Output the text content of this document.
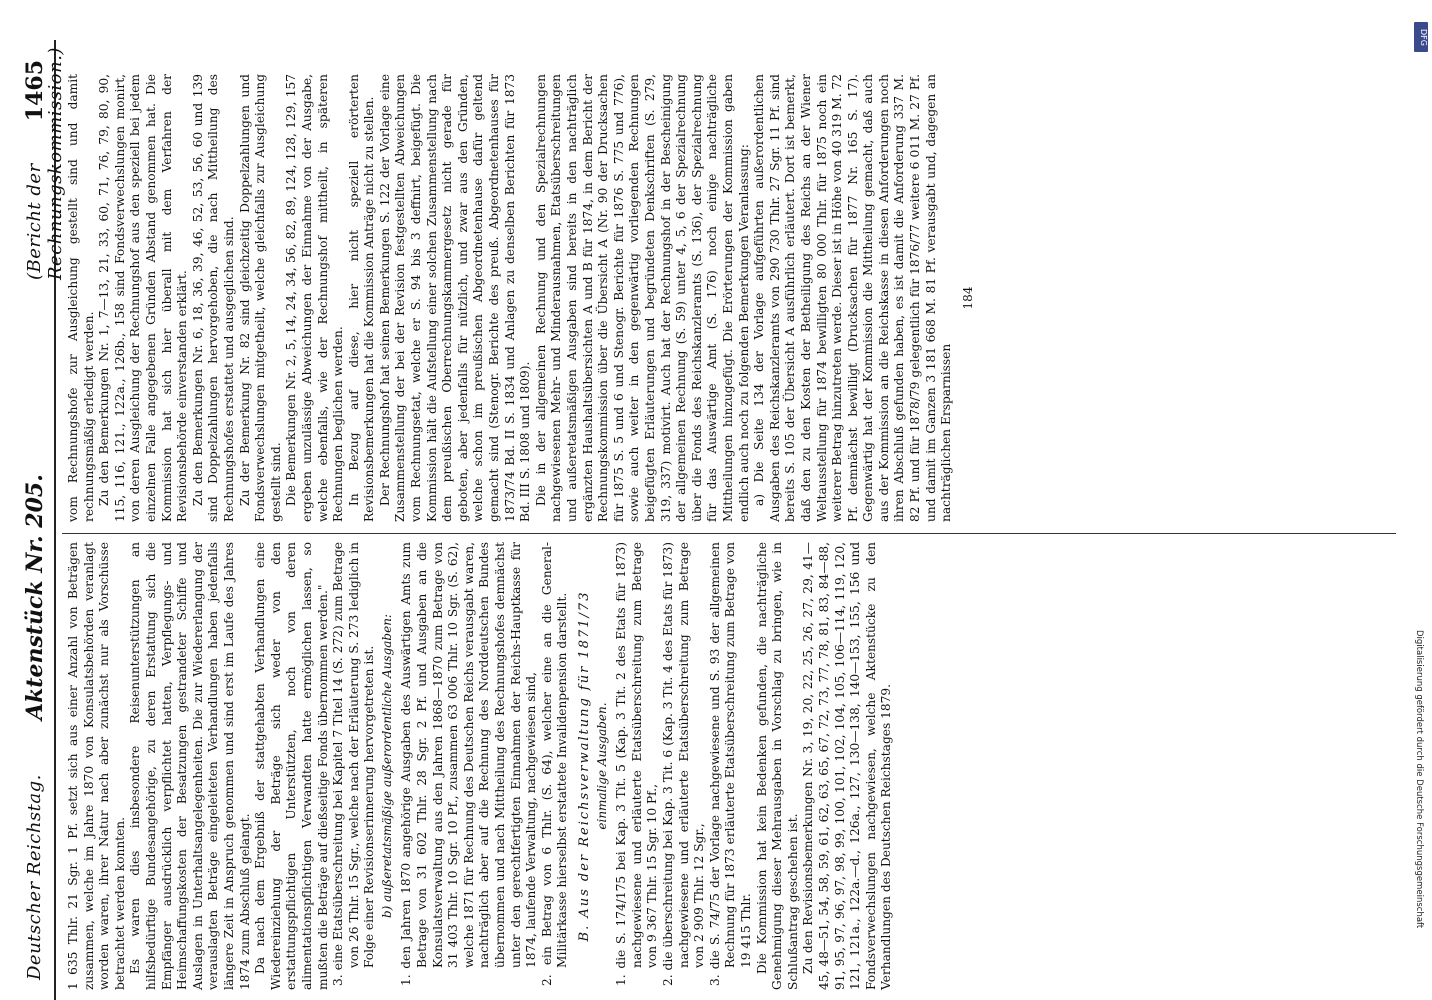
Deutscher Reichstag.
Aktenstück Nr. 205.
(Bericht der Rechnungskommission.)
1465

1 635 Thlr. 21 Sgr. 1 Pf. setzt sich aus einer Anzahl von Beträgen zusammen, welche im Jahre 1870 von Konsulatsbehörden veranlagt worden waren, ihrer Natur nach aber zunächst nur als Vorschüsse betrachtet werden konnten. Es waren dies insbesondere Reisenunterstützungen an hilfsbedürftige Bundesangehörige, zu deren Erstattung sich die Empfänger ausdrücklich verpflichtet hatten, Verpflegungs- und Heimschaffungskosten der Besatzungen gestrandeter Schiffe und Auslagen in Unterhaltsangelegenheiten. Die zur Wiedererlangung der verauslagten Beträge eingeleiteten Verhandlungen haben jedenfalls längere Zeit in Anspruch genommen und sind erst im Laufe des Jahres 1874 zum Abschluß gelangt. Da nach dem Ergebniß der stattgehabten Verhandlungen eine Wiedereinziehung der Beträge sich weder von den erstattungspflichtigen Unterstützten, noch von deren alimentationspflichtigen Verwandten hatte ermöglichen lassen, so mußten die Beträge auf dießseitige Fonds übernommen werden." 3. eine Etatsüberschreitung bei Kapitel 7 Titel 14 (S. 272) zum Betrage von 26 Thlr. 15 Sgr., welche nach der Erläuterung S. 273 lediglich in Folge einer Revisionserinnerung hervorgetreten ist. b) außeretatsmäßige außerordentliche Ausgaben:

1. den Jahren 1870 angehörige Ausgaben des Auswärtigen Amts zum Betrage von 31 602 Thlr. 28 Sgr. 2 Pf. und Ausgaben an die Konsulatsverwaltung aus den Jahren 1868—1870 zum Betrage von 31 403 Thlr. 10 Sgr. 10 Pf., zusammen 63 006 Thlr. 10 Sgr. (S. 62), welche 1871 für Rechnung des Deutschen Reichs verausgabt waren, nachträglich aber auf die Rechnung des Norddeutschen Bundes übernommen und nach Mittheilung des Rechnungshofes demnächst unter den gerechtfertigten Einnahmen der Reichs-Hauptkasse für 1874, laufende Verwaltung, nachgewiesen sind,

2. ein Betrag von 6 Thlr. (S. 64), welcher eine an die General-Militärkasse hierselbst erstattete Invalidenpension darstellt. B. Aus der Reichsverwaltung für 1871/73 einmalige Ausgaben.

1. die S. 174/175 bei Kap. 3 Tit. 5 (Kap. 3 Tit. 2 des Etats für 1873) nachgewiesene und erläuterte Etatsüberschreitung zum Betrage von 9 367 Thlr. 15 Sgr. 10 Pf.,

2. die überschreitung bei Kap. 3 Tit. 6 (Kap. 3 Tit. 4 des Etats für 1873) nachgewiesene und erläuterte Etatsüberschreitung zum Betrage von 2 909 Thlr. 12 Sgr.,

3. die S. 74/75 der Vorlage nachgewiesene und S. 93 der allgemeinen Rechnung für 1873 erläuterte Etatsüberschreitung zum Betrage von 19 415 Thlr. Die Kommission hat kein Bedenken gefunden, die nachträgliche Genehmigung dieser Mehrausgaben in Vorschlag zu bringen, wie in Schlußantrag geschehen ist. Zu den Revisionsbemerkungen Nr. 3, 19, 20, 22, 25, 26, 27, 29, 41—45, 48—51, 54, 58, 59, 61, 62, 63, 65, 67, 72, 73, 77, 78, 81, 83, 84—88, 91, 95, 97, 96, 97, 98, 99, 100, 101, 102, 104, 105, 106—114, 119, 120, 121, 121a., 122a.—d., 126a., 127, 130—138, 140—153, 155, 156 und Fondsverwechslungen nachgewiesen, welche Aktenstücke zu den Verhandlungen des Deutschen Reichstages 1879.

vom Rechnungshofe zur Ausgleichung gestellt sind und damit rechnungsmäßig erledigt werden. Zu den Bemerkungen Nr. 1, 7—13, 21, 33, 60, 71, 76, 79, 80, 90, 115, 116, 121., 122a., 126b., 158 sind Fondsverwechslungen monirt, von deren Ausgleichung der Rechnungshof aus den speziell bei jedem einzelnen Falle angegebenen Gründen Abstand genommen hat. Die Kommission hat sich hier überall mit dem Verfahren der Revisionsbehörde einverstanden erklärt. Zu den Bemerkungen Nr. 6, 18, 36, 39, 46, 52, 53, 56, 60 und 139 sind Doppelzahlungen hervorgehoben, die nach Mittheilung des Rechnungshofes erstattet und ausgeglichen sind. Zu der Bemerkung Nr. 82 sind gleichzeitig Doppelzahlungen und Fondsverwechslungen mitgetheilt, welche gleichfalls zur Ausgleichung gestellt sind. Die Bemerkungen Nr. 2, 5, 14, 24, 34, 56, 82, 89, 124, 128, 129, 157 ergeben unzulässige Abweichungen der Einnahme von der Ausgabe, welche ebenfalls, wie der Rechnungshof mittheilt, in späteren Rechnungen beglichen werden. In Bezug auf diese, hier nicht speziell erörterten Revisionsbemerkungen hat die Kommission Anträge nicht zu stellen. Der Rechnungshof hat seinen Bemerkungen S. 122 der Vorlage eine Zusammenstellung der bei der Revision festgestellten Abweichungen vom Rechnungsetat, welche er S. 94 bis 3 deffnirt, beigefügt. Die Kommission hält die Aufstellung einer solchen Zusammenstellung nach dem preußischen Oberrechnungskammergesetz nicht gerade für geboten, aber jedenfalls für nützlich, und zwar aus den Gründen, welche schon im preußischen Abgeordnetenhause dafür geltend gemacht sind (Stenogr. Berichte des preuß. Abgeordnetenhauses für 1873/74 Bd. II S. 1834 und Anlagen zu denselben Berichten für 1873 Bd. III S. 1808 und 1809). Die in der allgemeinen Rechnung und den Spezialrechnungen nachgewiesenen Mehr- und Minderausnahmen, Etatsüberschreitungen und außeretatsmäßigen Ausgaben sind bereits in den nachträglich ergänzten Haushaltsübersichten A und B für 1874, in dem Bericht der Rechnungskommission über die Übersicht A (Nr. 90 der Drucksachen für 1875 S. 5 und 6 und Stenogr. Berichte für 1876 S. 775 und 776), sowie auch weiter in den gegenwärtig vorliegenden Rechnungen beigefügten Erläuterungen und begründeten Denkschriften (S. 279, 319, 337) motivirt. Auch hat der Rechnungshof in der Bescheinigung der allgemeinen Rechnung (S. 59) unter 4, 5, 6 der Spezialrechnung über die Fonds des Reichskanzleramts (S. 136), der Spezialrechnung für das Auswärtige Amt (S. 176) noch einige nachträgliche Mittheilungen hinzugefügt. Die Erörterungen der Kommission gaben endlich auch noch zu folgenden Bemerkungen Veranlassung: a) Die Seite 134 der Vorlage aufgeführten außerordentlichen Ausgaben des Reichskanzleramts von 290 730 Thlr. 27 Sgr. 11 Pf. sind bereits S. 105 der Übersicht A ausführlich erläutert. Dort ist bemerkt, daß den zu den Kosten der Betheiligung des Reichs an der Wiener Weltausstellung für 1874 bewilligten 80 000 Thlr. für 1875 noch ein weiterer Betrag hinzutreten werde. Dieser ist in Höhe von 40 319 M. 72 Pf. demnächst bewilligt (Drucksachen für 1877 Nr. 165 S. 17). Gegenwärtig hat der Kommission die Mittheilung gemacht, daß auch aus der Kommission an die Reichskasse in diesen Anforderungen noch ihren Abschluß gefunden haben, es ist damit die Anforderung 337 M. 82 Pf. und für 1878/79 gelegentlich für 1876/77 weitere 6 011 M. 27 Pf. und damit im Ganzen 3 181 668 M. 81 Pf. verausgabt und, dagegen an nachträglichen Ersparnissen

184

DFG
Digitalisierung gefördert durch die Deutsche Forschungsgemeinschaft
